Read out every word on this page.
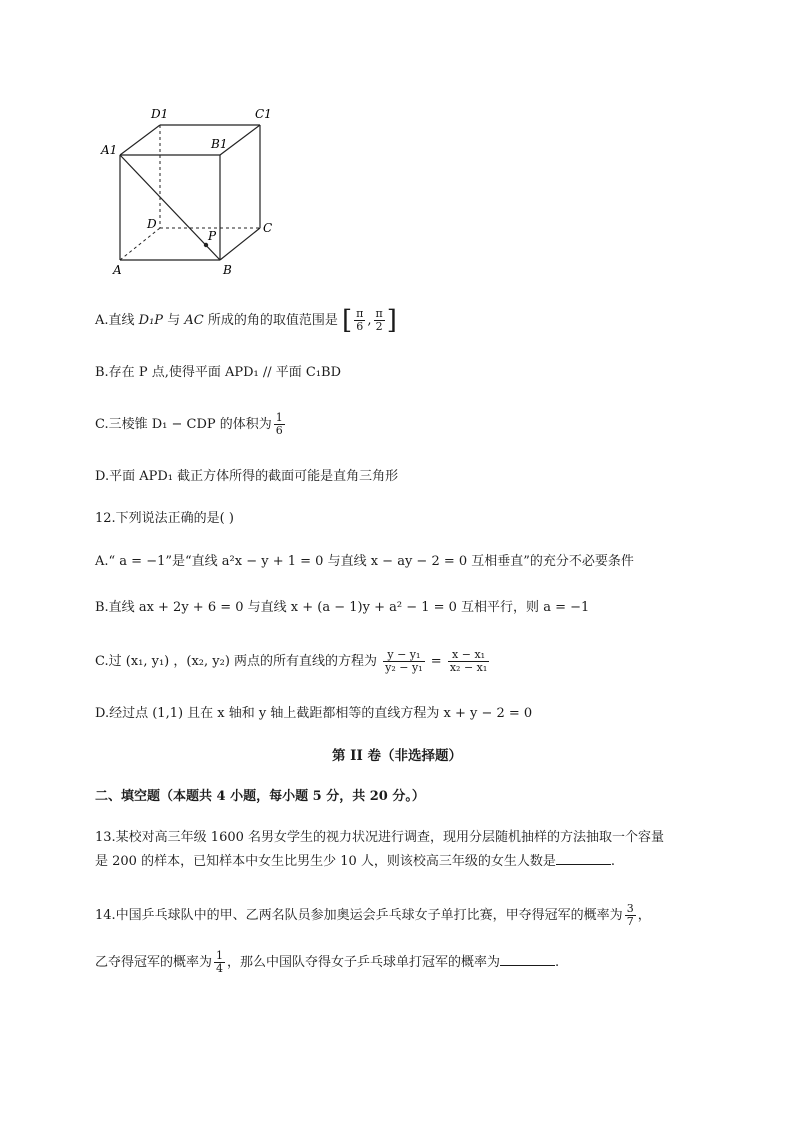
D1	C1
A1	B1
D	C
P
A	B
A.直线 D₁P 与 AC 所成的角的取值范围是 [ $\frac{\pi}{6}$ , $\frac{\pi}{2}$ ]
B.存在 P 点,使得平面 APD₁ // 平面 C₁BD
C.三棱锥 D₁ − CDP 的体积为 $\frac{1}{6}$
D.平面 APD₁ 截正方体所得的截面可能是直角三角形
12.下列说法正确的是( )
A.“ a = −1”是“直线 a²x − y + 1 = 0 与直线 x − ay − 2 = 0 互相垂直”的充分不必要条件
B.直线 ax + 2y + 6 = 0 与直线 x + (a − 1)y + a² − 1 = 0 互相平行，则 a = −1
C.过 (x₁, y₁) ，(x₂, y₂) 两点的所有直线的方程为 $\frac{\text{y − y₁}}{\text{y₂ − y₁}} = \frac{\text{x − x₁}}{\text{x₂ − x₁}}$
D.经过点 (1,1) 且在 x 轴和 y 轴上截距都相等的直线方程为 x + y − 2 = 0
第 II 卷（非选择题）
二、填空题（本题共 4 小题，每小题 5 分，共 20 分。）
13.某校对高三年级 1600 名男女学生的视力状况进行调查，现用分层随机抽样的方法抽取一个容量
是 200 的样本，已知样本中女生比男生少 10 人，则该校高三年级的女生人数是	.
14.中国乒乓球队中的甲、乙两名队员参加奥运会乒乓球女子单打比赛，甲夺得冠军的概率为 $\frac{3}{7}$ ，
乙夺得冠军的概率为 $\frac{1}{4}$ ，那么中国队夺得女子乒乓球单打冠军的概率为	.
